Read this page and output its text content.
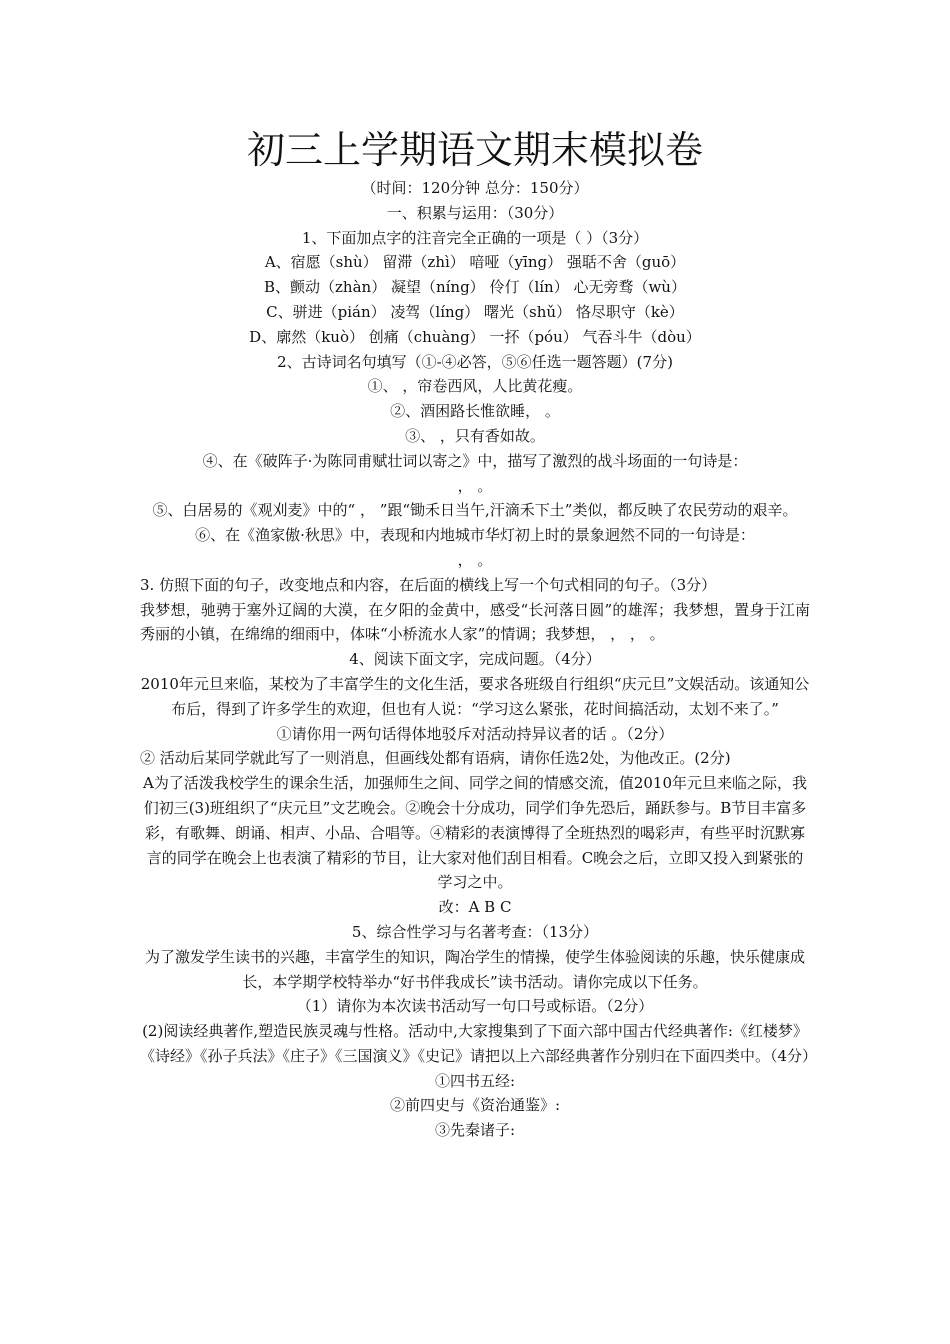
初三上学期语文期末模拟卷
（时间：120分钟 总分：150分）
一、积累与运用：（30分）
1、下面加点字的注音完全正确的一项是（ ）（3分）
A、宿愿（shù） 留滞（zhì） 喑哑（yīng） 强聒不舍（guō）
B、颤动（zhàn） 凝望（níng） 伶仃（lín） 心无旁骛（wù）
C、骈进（pián） 凌驾（líng） 曙光（shǔ） 恪尽职守（kè）
D、廓然（kuò） 创痛（chuàng） 一抔（póu） 气吞斗牛（dòu）
2、古诗词名句填写（①-④必答，⑤⑥任选一题答题）(7分)
①、 ，帘卷西风，人比黄花瘦。
②、酒困路长惟欲睡， 。
③、 ，只有香如故。
④、在《破阵子·为陈同甫赋壮词以寄之》中，描写了激烈的战斗场面的一句诗是：
， 。
⑤、白居易的《观刈麦》中的“ ， ”跟“锄禾日当午,汗滴禾下土”类似，都反映了农民劳动的艰辛。
⑥、在《渔家傲·秋思》中，表现和内地城市华灯初上时的景象迥然不同的一句诗是：
， 。
3. 仿照下面的句子，改变地点和内容，在后面的横线上写一个句式相同的句子。（3分）
我梦想，驰骋于塞外辽阔的大漠，在夕阳的金黄中，感受“长河落日圆”的雄浑；我梦想，置身于江南秀丽的小镇，在绵绵的细雨中，体味“小桥流水人家”的情调；我梦想， ， ， 。
4、阅读下面文字，完成问题。（4分）
2010年元旦来临，某校为了丰富学生的文化生活，要求各班级自行组织“庆元旦”文娱活动。该通知公布后，得到了许多学生的欢迎，但也有人说：“学习这么紧张，花时间搞活动，太划不来了。”
①请你用一两句话得体地驳斥对活动持异议者的话 。（2分）
② 活动后某同学就此写了一则消息，但画线处都有语病，请你任选2处，为他改正。(2分)
A为了活泼我校学生的课余生活，加强师生之间、同学之间的情感交流，值2010年元旦来临之际，我们初三(3)班组织了“庆元旦”文艺晚会。②晚会十分成功，同学们争先恐后，踊跃参与。B节目丰富多彩，有歌舞、朗诵、相声、小品、合唱等。④精彩的表演博得了全班热烈的喝彩声，有些平时沉默寡言的同学在晚会上也表演了精彩的节目，让大家对他们刮目相看。C晚会之后，立即又投入到紧张的学习之中。
改：A B C
5、综合性学习与名著考查：（13分）
为了激发学生读书的兴趣，丰富学生的知识，陶冶学生的情操，使学生体验阅读的乐趣，快乐健康成长，本学期学校特举办“好书伴我成长”读书活动。请你完成以下任务。
（1）请你为本次读书活动写一句口号或标语。（2分）
(2)阅读经典著作,塑造民族灵魂与性格。活动中,大家搜集到了下面六部中国古代经典著作:《红楼梦》《诗经》《孙子兵法》《庄子》《三国演义》《史记》请把以上六部经典著作分别归在下面四类中。（4分）
①四书五经:
②前四史与《资治通鉴》:
③先秦诸子:
